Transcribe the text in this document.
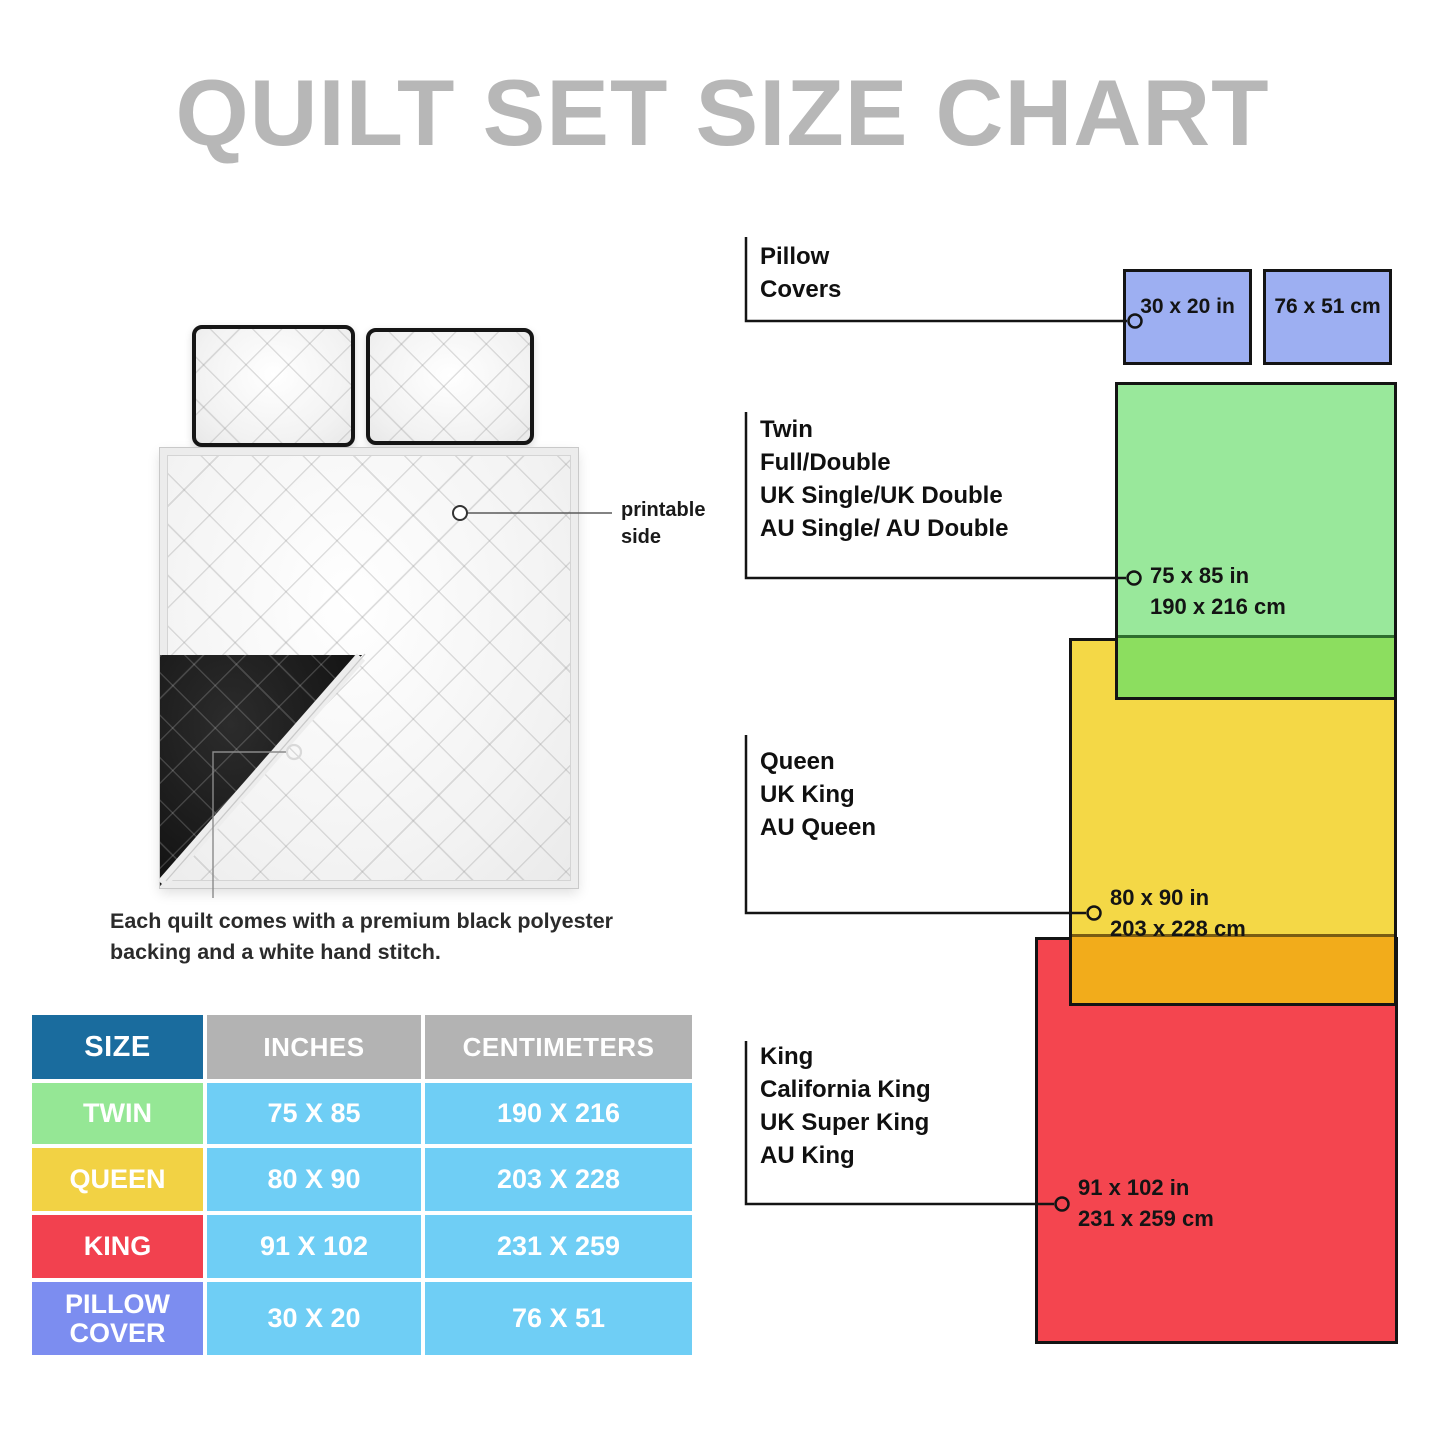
QUILT SET SIZE CHART
printable
side
Each quilt comes with a premium black polyester
backing and a white hand stitch.
30 x 20 in	76 x 51 cm
75 x 85 in
190 x 216 cm
80 x 90 in
203 x 228 cm
91 x 102 in
231 x 259 cm
Pillow
Covers
Twin
Full/Double
UK Single/UK Double
AU Single/ AU Double
Queen
UK King
AU Queen
King
California King
UK Super King
AU King
SIZE	INCHES	CENTIMETERS
TWIN	75 X 85	190 X 216
QUEEN	80 X 90	203 X 228
KING	91 X 102	231 X 259
PILLOW COVER	30 X 20	76 X 51
